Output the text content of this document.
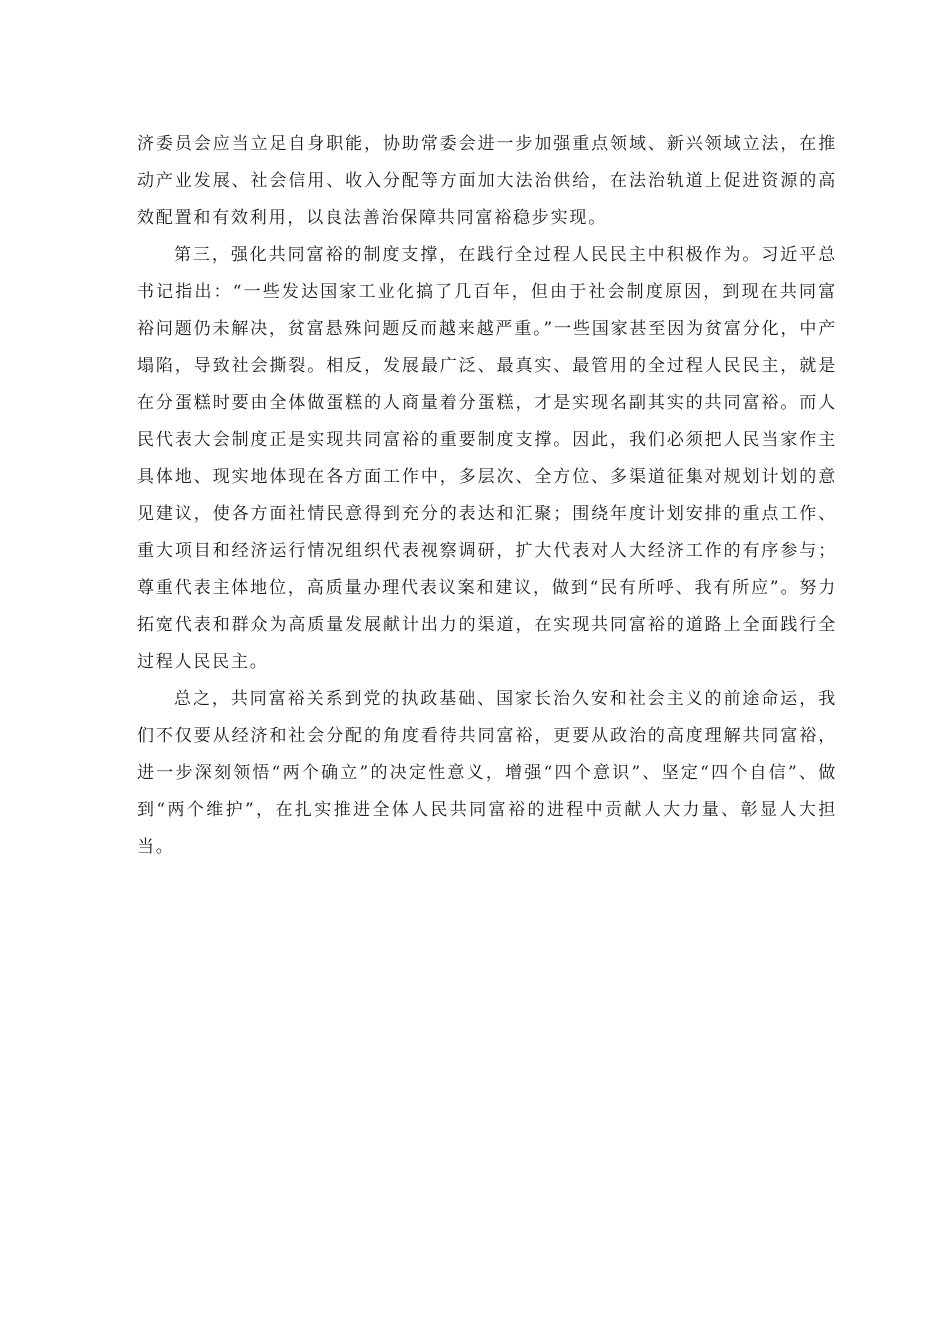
济委员会应当立足自身职能，协助常委会进一步加强重点领域、新兴领域立法，在推动产业发展、社会信用、收入分配等方面加大法治供给，在法治轨道上促进资源的高效配置和有效利用，以良法善治保障共同富裕稳步实现。

第三，强化共同富裕的制度支撑，在践行全过程人民民主中积极作为。习近平总书记指出：“一些发达国家工业化搞了几百年，但由于社会制度原因，到现在共同富裕问题仍未解决，贫富悬殊问题反而越来越严重。”一些国家甚至因为贫富分化，中产塌陷，导致社会撕裂。相反，发展最广泛、最真实、最管用的全过程人民民主，就是在分蛋糕时要由全体做蛋糕的人商量着分蛋糕，才是实现名副其实的共同富裕。而人民代表大会制度正是实现共同富裕的重要制度支撑。因此，我们必须把人民当家作主具体地、现实地体现在各方面工作中，多层次、全方位、多渠道征集对规划计划的意见建议，使各方面社情民意得到充分的表达和汇聚；围绕年度计划安排的重点工作、重大项目和经济运行情况组织代表视察调研，扩大代表对人大经济工作的有序参与；尊重代表主体地位，高质量办理代表议案和建议，做到“民有所呼、我有所应”。努力拓宽代表和群众为高质量发展献计出力的渠道，在实现共同富裕的道路上全面践行全过程人民民主。

总之，共同富裕关系到党的执政基础、国家长治久安和社会主义的前途命运，我们不仅要从经济和社会分配的角度看待共同富裕，更要从政治的高度理解共同富裕，进一步深刻领悟“两个确立”的决定性意义，增强“四个意识”、坚定“四个自信”、做到“两个维护”，在扎实推进全体人民共同富裕的进程中贡献人大力量、彰显人大担当。
